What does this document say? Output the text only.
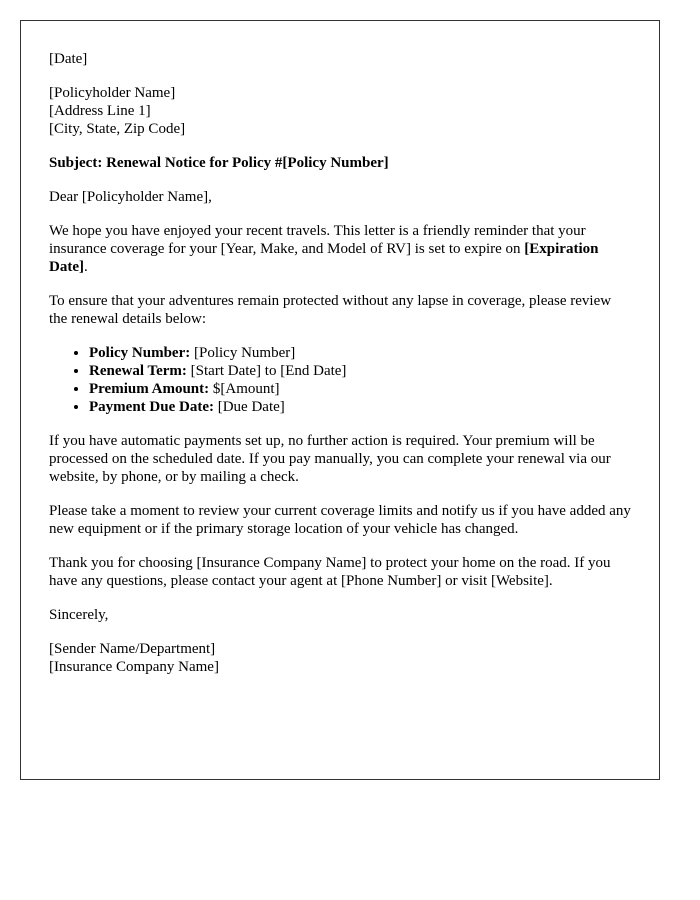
[Date]
[Policyholder Name]
[Address Line 1]
[City, State, Zip Code]
Subject: Renewal Notice for Policy #[Policy Number]
Dear [Policyholder Name],
We hope you have enjoyed your recent travels. This letter is a friendly reminder that your insurance coverage for your [Year, Make, and Model of RV] is set to expire on [Expiration Date].
To ensure that your adventures remain protected without any lapse in coverage, please review the renewal details below:
• Policy Number: [Policy Number]
• Renewal Term: [Start Date] to [End Date]
• Premium Amount: $[Amount]
• Payment Due Date: [Due Date]
If you have automatic payments set up, no further action is required. Your premium will be processed on the scheduled date. If you pay manually, you can complete your renewal via our website, by phone, or by mailing a check.
Please take a moment to review your current coverage limits and notify us if you have added any new equipment or if the primary storage location of your vehicle has changed.
Thank you for choosing [Insurance Company Name] to protect your home on the road. If you have any questions, please contact your agent at [Phone Number] or visit [Website].
Sincerely,
[Sender Name/Department]
[Insurance Company Name]
